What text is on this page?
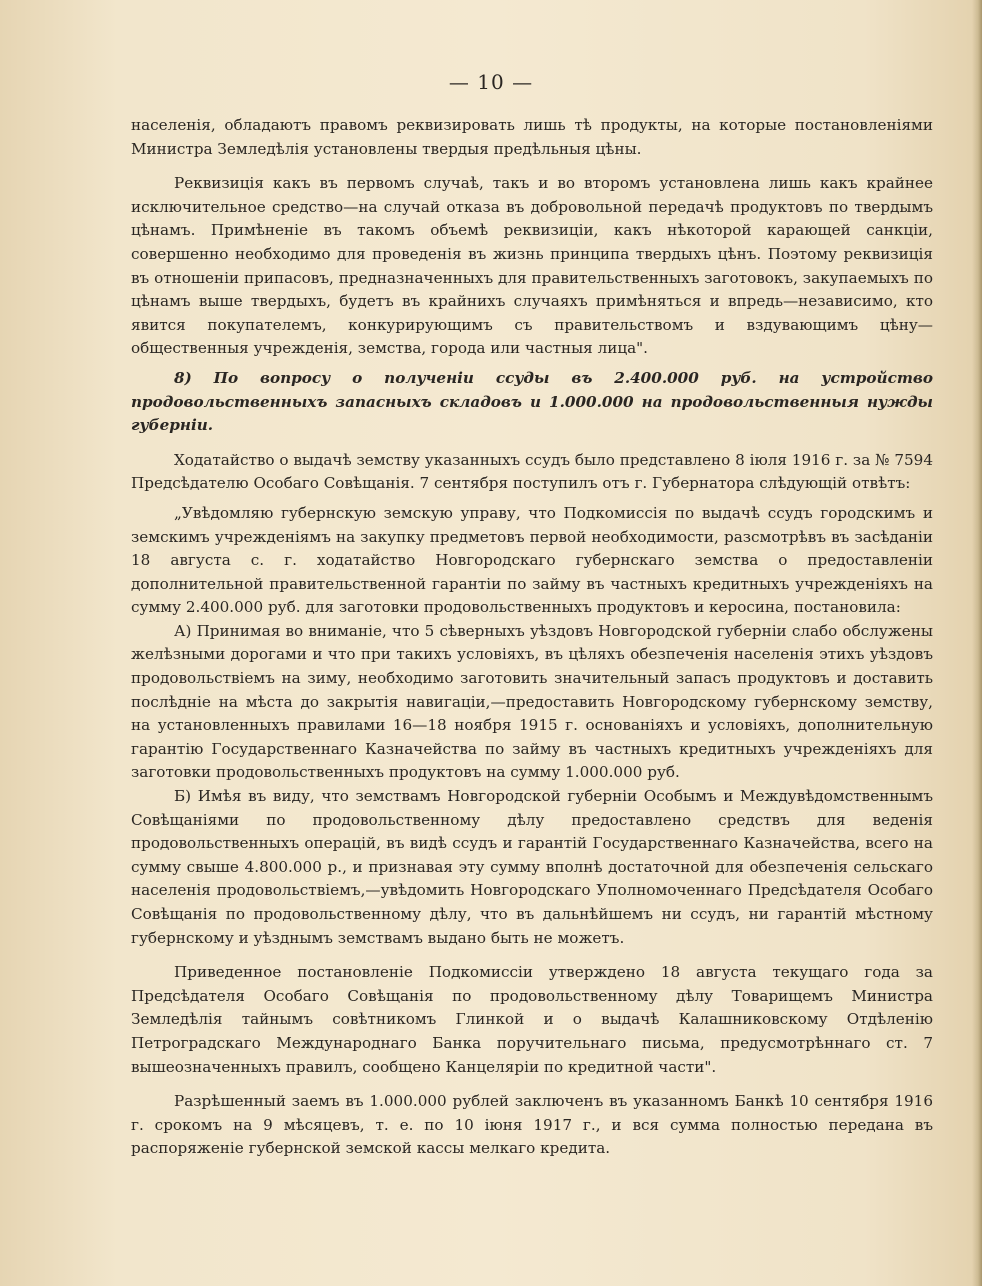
— 10 —

населенія, обладаютъ правомъ реквизировать лишь тѣ продукты, на которые постановленіями Министра Земледѣлія установлены твердыя предѣльныя цѣны.

Реквизиція какъ въ первомъ случаѣ, такъ и во второмъ установлена лишь какъ крайнее исключительное средство—на случай отказа въ добровольной передачѣ продуктовъ по твердымъ цѣнамъ. Примѣненіе въ такомъ объемѣ реквизиціи, какъ нѣкоторой карающей санкціи, совершенно необходимо для проведенія въ жизнь принципа твердыхъ цѣнъ. Поэтому реквизиція въ отношеніи припасовъ, предназначенныхъ для правительственныхъ заготовокъ, закупаемыхъ по цѣнамъ выше твердыхъ, будетъ въ крайнихъ случаяхъ примѣняться и впредь—независимо, кто явится покупателемъ, конкурирующимъ съ правительствомъ и вздувающимъ цѣну—общественныя учрежденія, земства, города или частныя лица".

8) По вопросу о полученіи ссуды въ 2.400.000 руб. на устройство продовольственныхъ запасныхъ складовъ и 1.000.000 на продовольственныя нужды губерніи.

Ходатайство о выдачѣ земству указанныхъ ссудъ было представлено 8 іюля 1916 г. за № 7594 Предсѣдателю Особаго Совѣщанія. 7 сентября поступилъ отъ г. Губернатора слѣдующій отвѣтъ:

„Увѣдомляю губернскую земскую управу, что Подкомиссія по выдачѣ ссудъ городскимъ и земскимъ учрежденіямъ на закупку предметовъ первой необходимости, разсмотрѣвъ въ засѣданіи 18 августа с. г. ходатайство Новгородскаго губернскаго земства о предоставленіи дополнительной правительственной гарантіи по займу въ частныхъ кредитныхъ учрежденіяхъ на сумму 2.400.000 руб. для заготовки продовольственныхъ продуктовъ и керосина, постановила:

А) Принимая во вниманіе, что 5 сѣверныхъ уѣздовъ Новгородской губерніи слабо обслужены желѣзными дорогами и что при такихъ условіяхъ, въ цѣляхъ обезпеченія населенія этихъ уѣздовъ продовольствіемъ на зиму, необходимо заготовить значительный запасъ продуктовъ и доставить послѣдніе на мѣста до закрытія навигаціи,—предоставить Новгородскому губернскому земству, на установленныхъ правилами 16—18 ноября 1915 г. основаніяхъ и условіяхъ, дополнительную гарантію Государственнаго Казначейства по займу въ частныхъ кредитныхъ учрежденіяхъ для заготовки продовольственныхъ продуктовъ на сумму 1.000.000 руб.

Б) Имѣя въ виду, что земствамъ Новгородской губерніи Особымъ и Междувѣдомственнымъ Совѣщаніями по продовольственному дѣлу предоставлено средствъ для веденія продовольственныхъ операцій, въ видѣ ссудъ и гарантій Государственнаго Казначейства, всего на сумму свыше 4.800.000 р., и признавая эту сумму вполнѣ достаточной для обезпеченія сельскаго населенія продовольствіемъ,—увѣдомить Новгородскаго Уполномоченнаго Предсѣдателя Особаго Совѣщанія по продовольственному дѣлу, что въ дальнѣйшемъ ни ссудъ, ни гарантій мѣстному губернскому и уѣзднымъ земствамъ выдано быть не можетъ.

Приведенное постановленіе Подкомиссіи утверждено 18 августа текущаго года за Предсѣдателя Особаго Совѣщанія по продовольственному дѣлу Товарищемъ Министра Земледѣлія тайнымъ совѣтникомъ Глинкой и о выдачѣ Калашниковскому Отдѣленію Петроградскаго Международнаго Банка поручительнаго письма, предусмотрѣннаго ст. 7 вышеозначенныхъ правилъ, сообщено Канцеляріи по кредитной части".

Разрѣшенный заемъ въ 1.000.000 рублей заключенъ въ указанномъ Банкѣ 10 сентября 1916 г. срокомъ на 9 мѣсяцевъ, т. е. по 10 іюня 1917 г., и вся сумма полностью передана въ распоряженіе губернской земской кассы мелкаго кредита.
